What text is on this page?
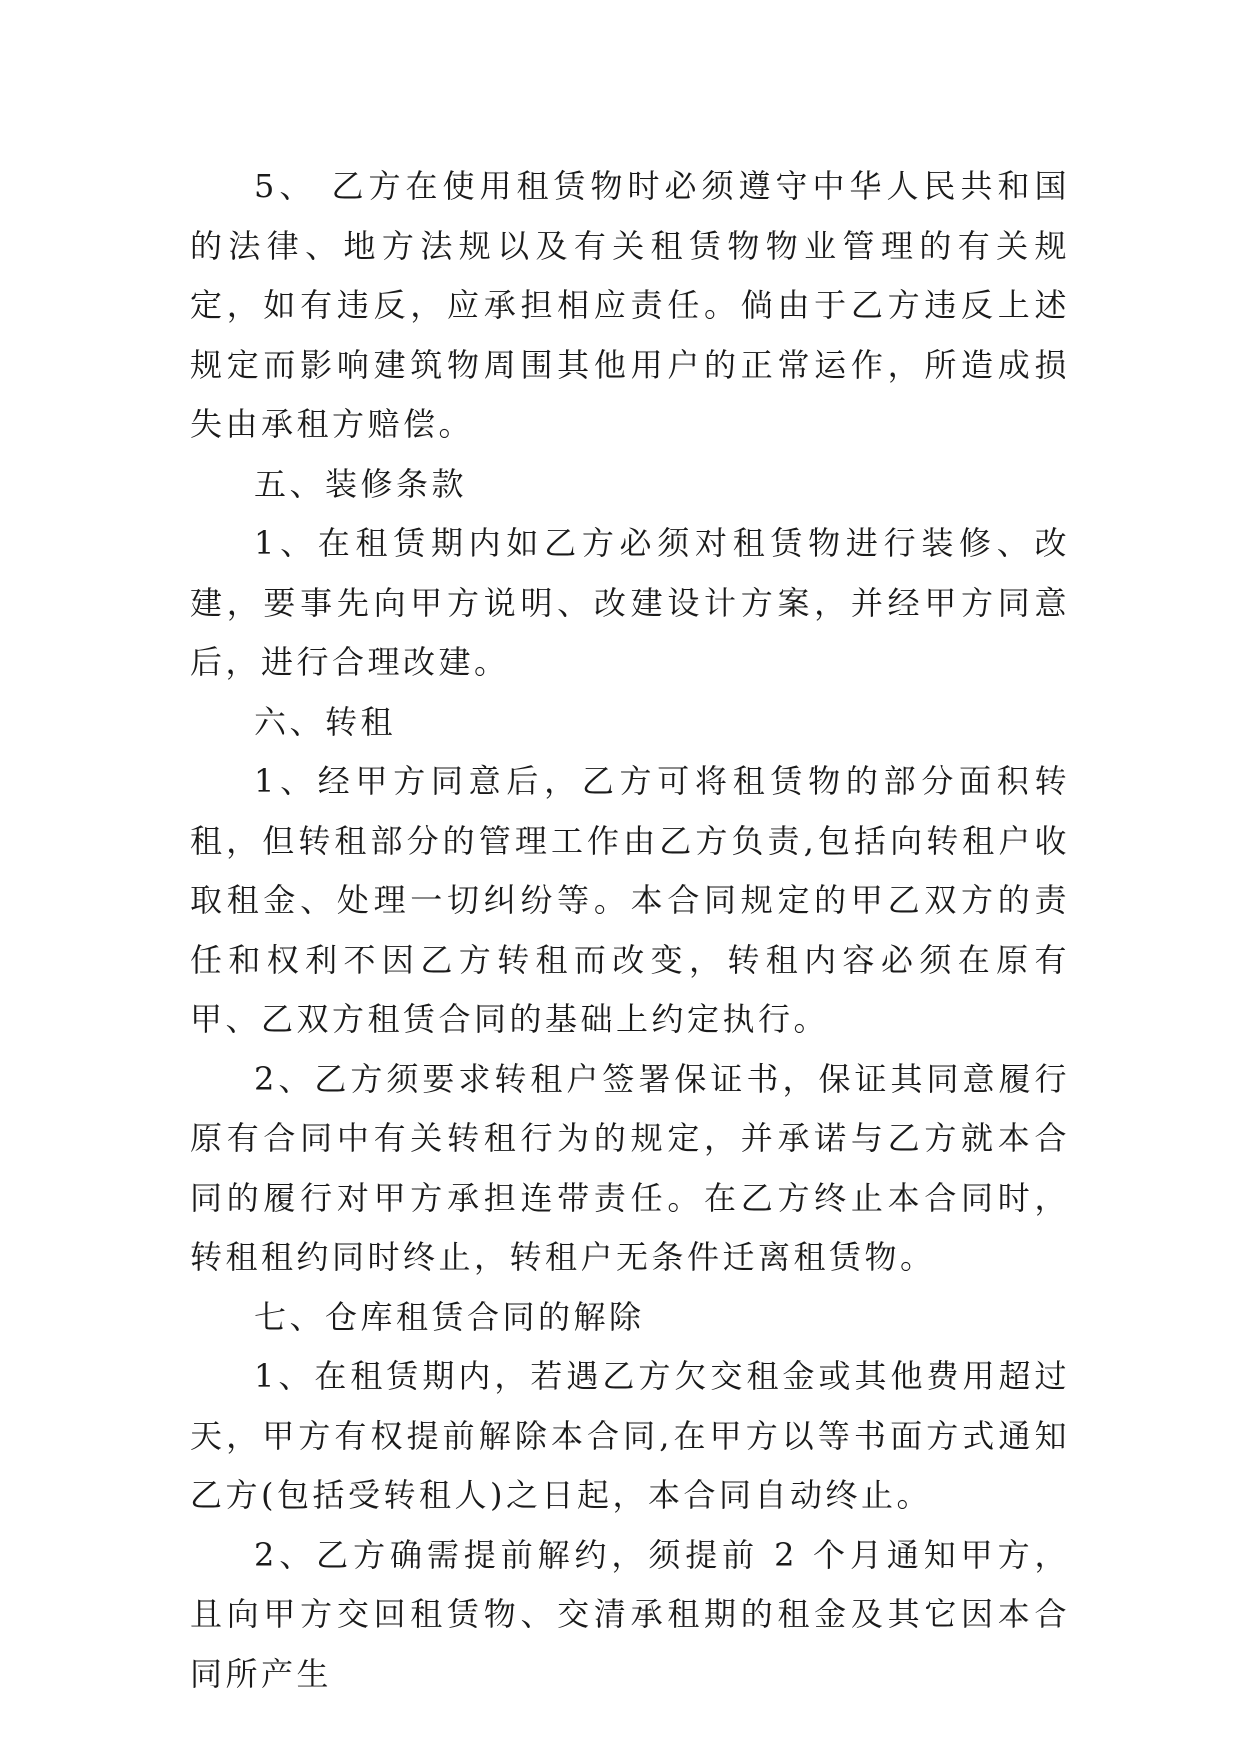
5、 乙方在使用租赁物时必须遵守中华人民共和国的法律、地方法规以及有关租赁物物业管理的有关规定，如有违反，应承担相应责任。倘由于乙方违反上述规定而影响建筑物周围其他用户的正常运作，所造成损失由承租方赔偿。

五、装修条款

1、在租赁期内如乙方必须对租赁物进行装修、改建，要事先向甲方说明、改建设计方案，并经甲方同意后，进行合理改建。

六、转租

1、经甲方同意后，乙方可将租赁物的部分面积转租，但转租部分的管理工作由乙方负责,包括向转租户收取租金、处理一切纠纷等。本合同规定的甲乙双方的责任和权利不因乙方转租而改变，转租内容必须在原有甲、乙双方租赁合同的基础上约定执行。

2、乙方须要求转租户签署保证书，保证其同意履行原有合同中有关转租行为的规定，并承诺与乙方就本合同的履行对甲方承担连带责任。在乙方终止本合同时，转租租约同时终止，转租户无条件迁离租赁物。

七、仓库租赁合同的解除

1、在租赁期内，若遇乙方欠交租金或其他费用超过 天，甲方有权提前解除本合同,在甲方以等书面方式通知乙方(包括受转租人)之日起，本合同自动终止。

2、乙方确需提前解约，须提前 2 个月通知甲方，且向甲方交回租赁物、交清承租期的租金及其它因本合同所产生
